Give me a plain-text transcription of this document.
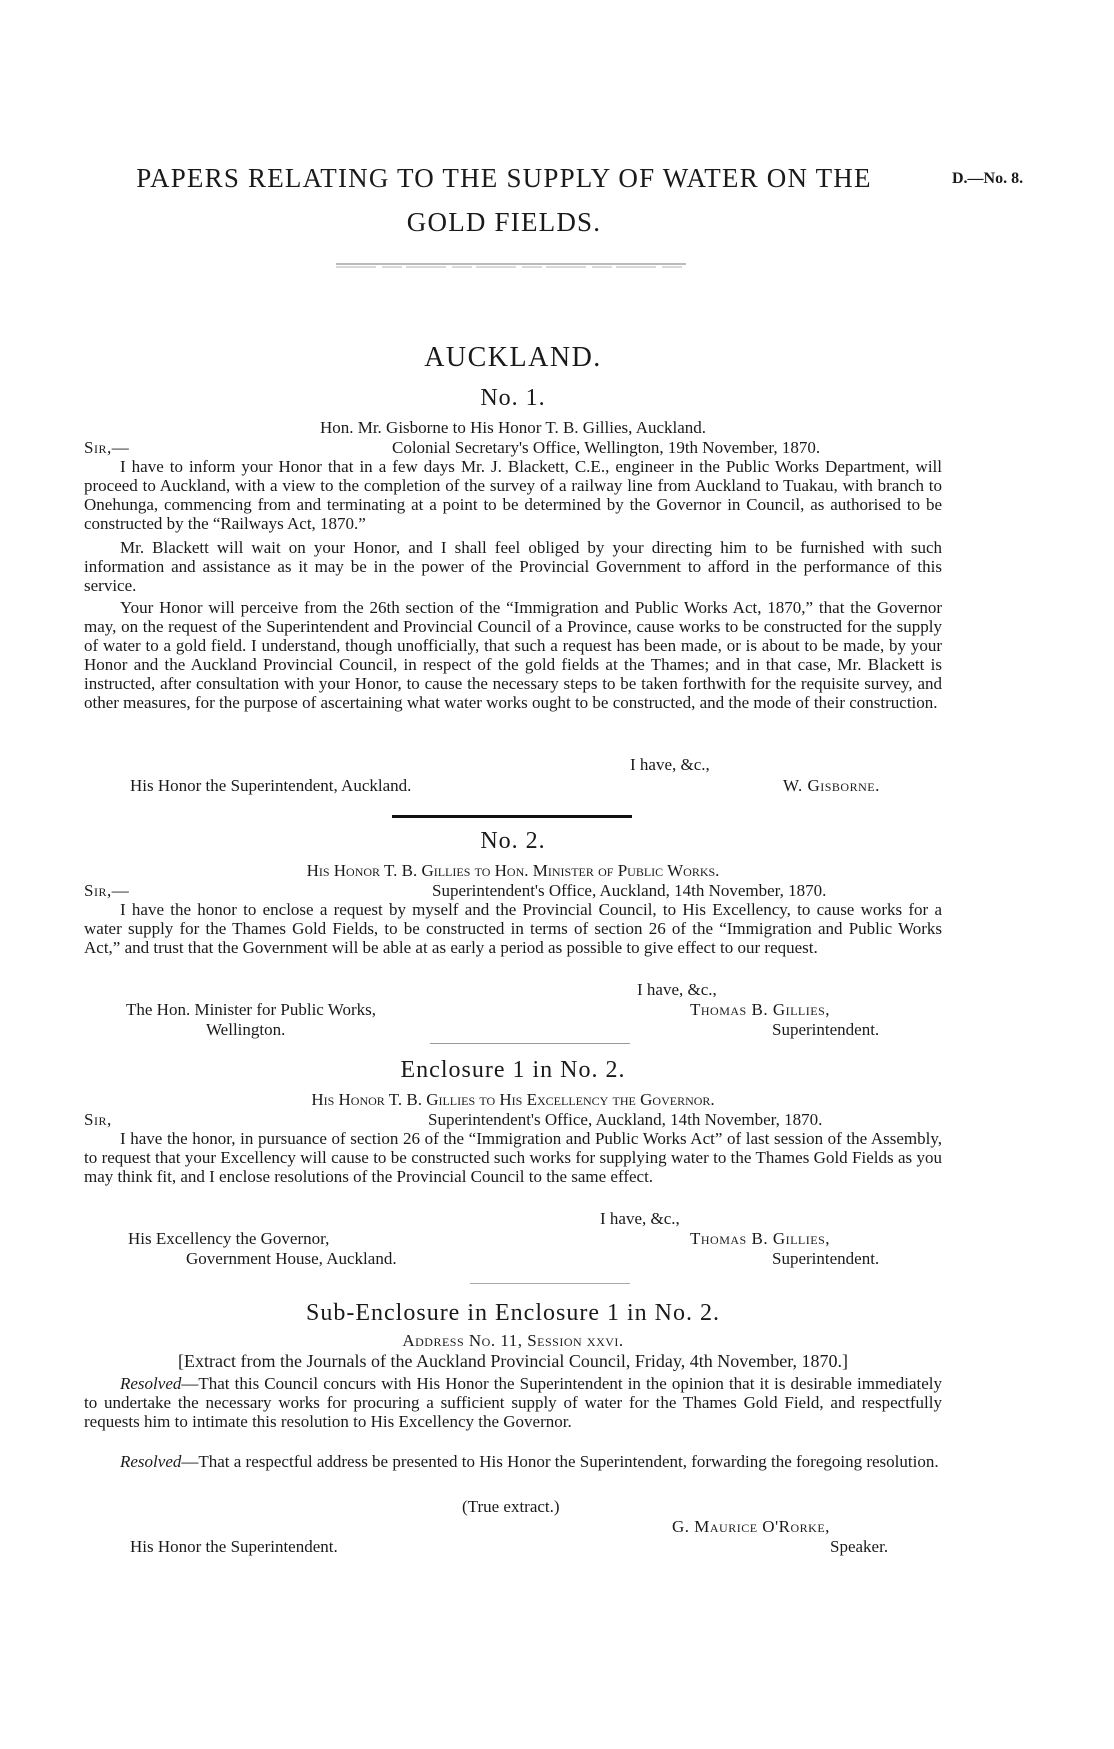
PAPERS RELATING TO THE SUPPLY OF WATER ON THE	D.—No. 8.
GOLD FIELDS.
AUCKLAND.
No. 1.
Hon. Mr. Gisborne to His Honor T. B. Gillies, Auckland.
Sir,—	Colonial Secretary's Office, Wellington, 19th November, 1870.

I have to inform your Honor that in a few days Mr. J. Blackett, C.E., engineer in the Public Works Department, will proceed to Auckland, with a view to the completion of the survey of a railway line from Auckland to Tuakau, with branch to Onehunga, commencing from and terminating at a point to be determined by the Governor in Council, as authorised to be constructed by the “Railways Act, 1870.”

Mr. Blackett will wait on your Honor, and I shall feel obliged by your directing him to be furnished with such information and assistance as it may be in the power of the Provincial Government to afford in the performance of this service.

Your Honor will perceive from the 26th section of the “Immigration and Public Works Act, 1870,” that the Governor may, on the request of the Superintendent and Provincial Council of a Province, cause works to be constructed for the supply of water to a gold field. I understand, though unofficially, that such a request has been made, or is about to be made, by your Honor and the Auckland Provincial Council, in respect of the gold fields at the Thames; and in that case, Mr. Blackett is instructed, after consultation with your Honor, to cause the necessary steps to be taken forthwith for the requisite survey, and other measures, for the purpose of ascertaining what water works ought to be constructed, and the mode of their construction.

I have, &c.,
His Honor the Superintendent, Auckland.	W. Gisborne.
No. 2.
His Honor T. B. Gillies to Hon. Minister of Public Works.
Sir,—	Superintendent's Office, Auckland, 14th November, 1870.

I have the honor to enclose a request by myself and the Provincial Council, to His Excellency, to cause works for a water supply for the Thames Gold Fields, to be constructed in terms of section 26 of the “Immigration and Public Works Act,” and trust that the Government will be able at as early a period as possible to give effect to our request.

I have, &c.,
The Hon. Minister for Public Works,
Wellington.
Thomas B. Gillies,
Superintendent.
Enclosure 1 in No. 2.
His Honor T. B. Gillies to His Excellency the Governor.
Sir,	Superintendent's Office, Auckland, 14th November, 1870.

I have the honor, in pursuance of section 26 of the “Immigration and Public Works Act” of last session of the Assembly, to request that your Excellency will cause to be constructed such works for supplying water to the Thames Gold Fields as you may think fit, and I enclose resolutions of the Provincial Council to the same effect.

I have, &c.,
His Excellency the Governor,
Government House, Auckland.
Thomas B. Gillies,
Superintendent.
Sub-Enclosure in Enclosure 1 in No. 2.
Address No. 11, Session xxvi.
[Extract from the Journals of the Auckland Provincial Council, Friday, 4th November, 1870.]

Resolved—That this Council concurs with His Honor the Superintendent in the opinion that it is desirable immediately to undertake the necessary works for procuring a sufficient supply of water for the Thames Gold Field, and respectfully requests him to intimate this resolution to His Excellency the Governor.

Resolved—That a respectful address be presented to His Honor the Superintendent, forwarding the foregoing resolution.

(True extract.)
G. Maurice O'Rorke,
Speaker.
His Honor the Superintendent.
